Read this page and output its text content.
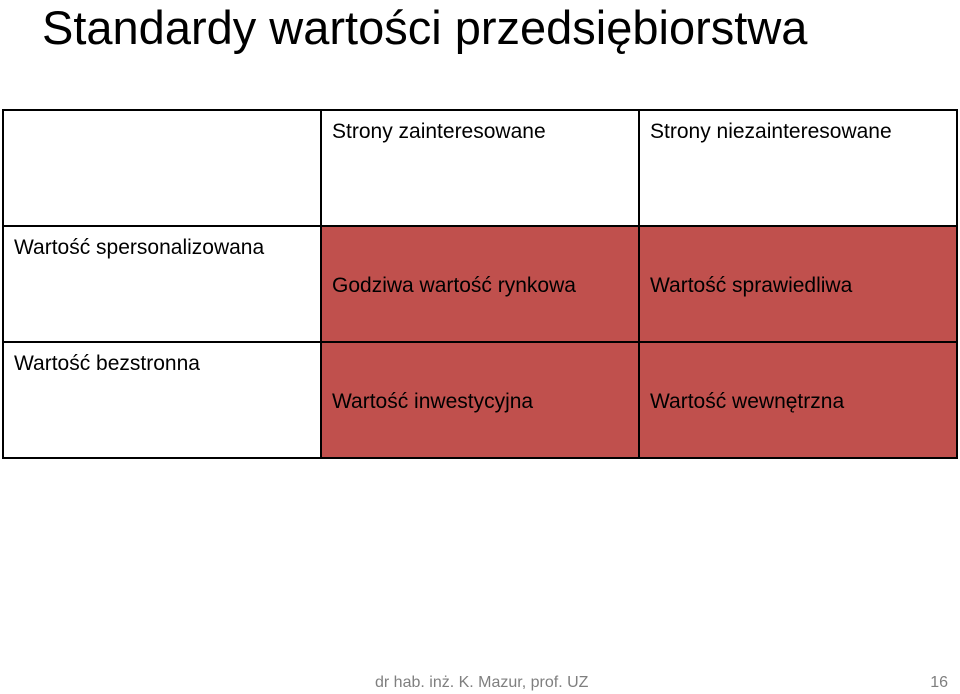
Standardy wartości przedsiębiorstwa

	Strony zainteresowane	Strony niezainteresowane

Wartość spersonalizowana	Godziwa wartość rynkowa	Wartość sprawiedliwa

Wartość bezstronna	Wartość inwestycyjna	Wartość wewnętrzna
dr hab. inż. K. Mazur, prof. UZ	16
